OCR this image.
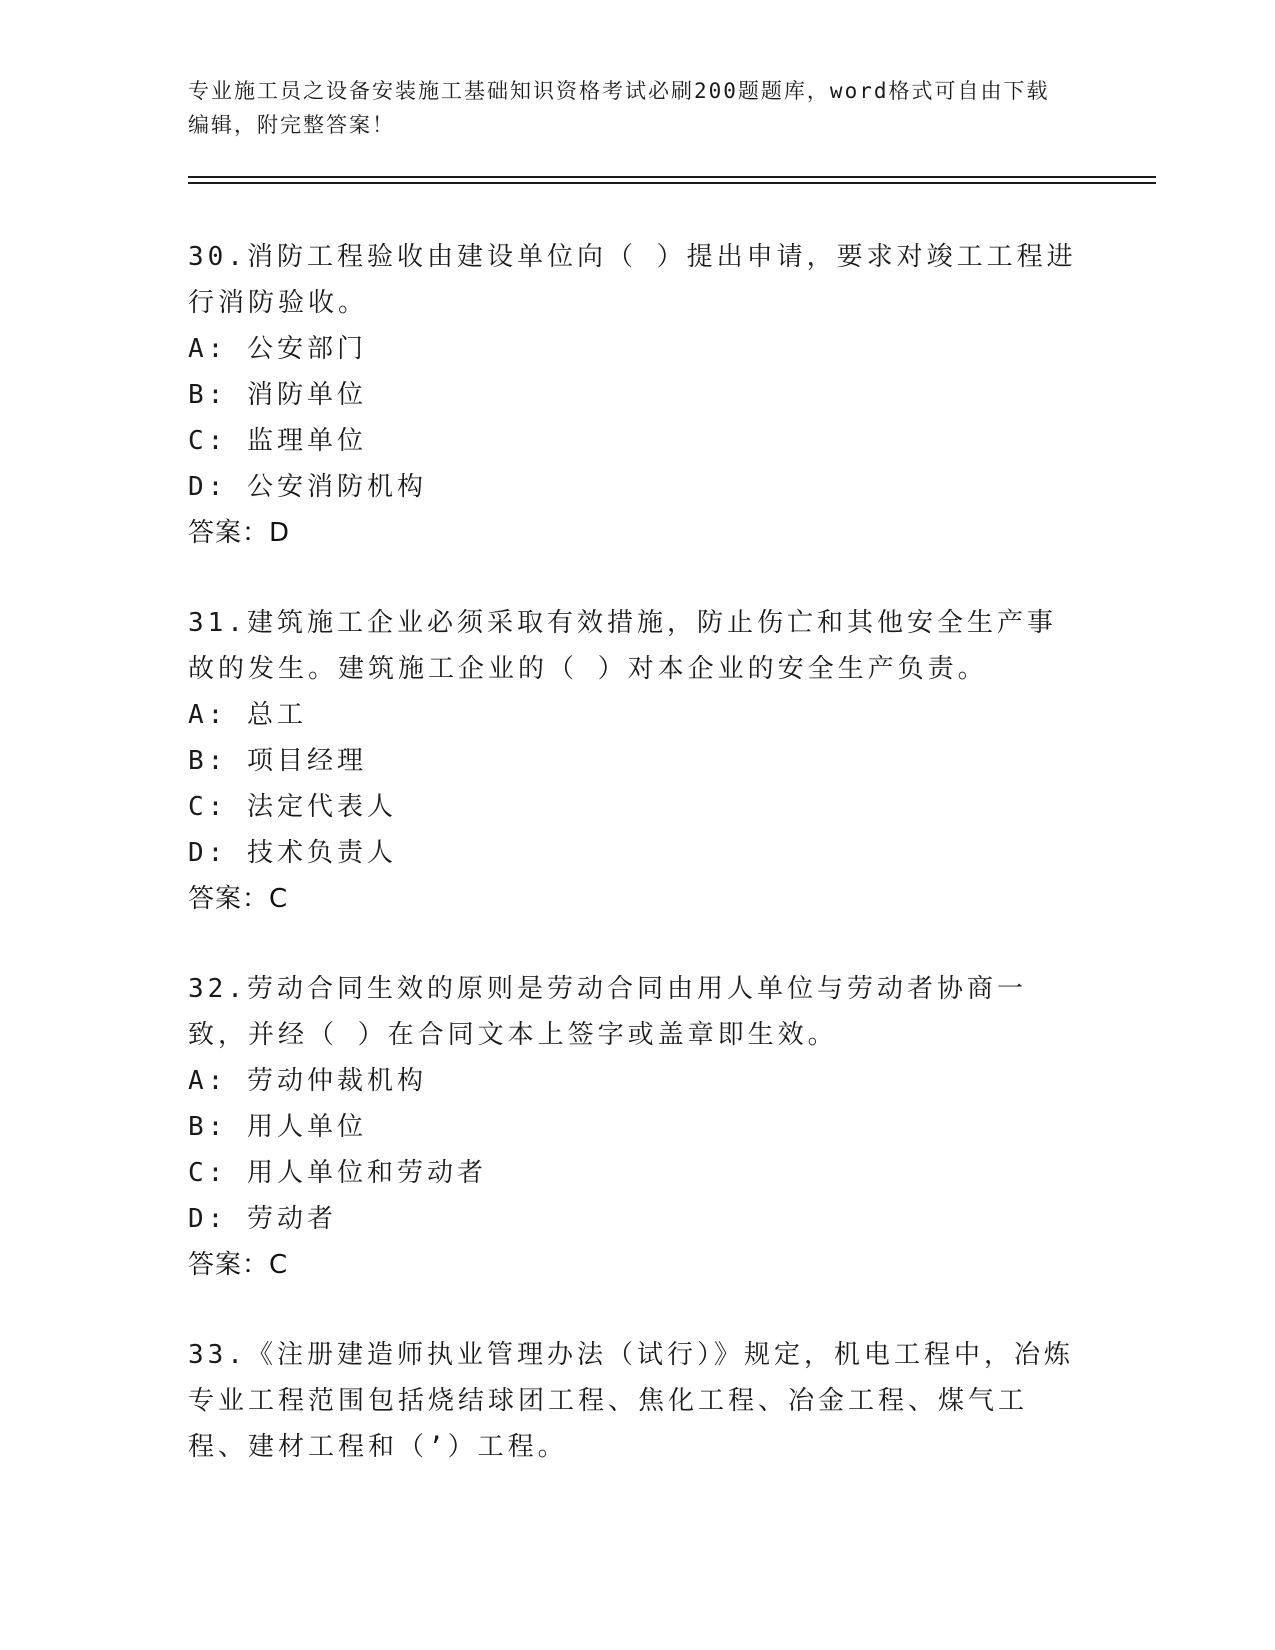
专业施工员之设备安装施工基础知识资格考试必刷200题题库，word格式可自由下载编辑，附完整答案！

30.消防工程验收由建设单位向（ ）提出申请，要求对竣工工程进行消防验收。

A: 公安部门

B: 消防单位

C: 监理单位

D: 公安消防机构

答案：D

31.建筑施工企业必须采取有效措施，防止伤亡和其他安全生产事故的发生。建筑施工企业的（ ）对本企业的安全生产负责。

A: 总工

B: 项目经理

C: 法定代表人

D: 技术负责人

答案：C

32.劳动合同生效的原则是劳动合同由用人单位与劳动者协商一致，并经（ ）在合同文本上签字或盖章即生效。

A: 劳动仲裁机构

B: 用人单位

C: 用人单位和劳动者

D: 劳动者

答案：C

33.《注册建造师执业管理办法（试行）》规定，机电工程中，冶炼专业工程范围包括烧结球团工程、焦化工程、冶金工程、煤气工程、建材工程和（’）工程。
